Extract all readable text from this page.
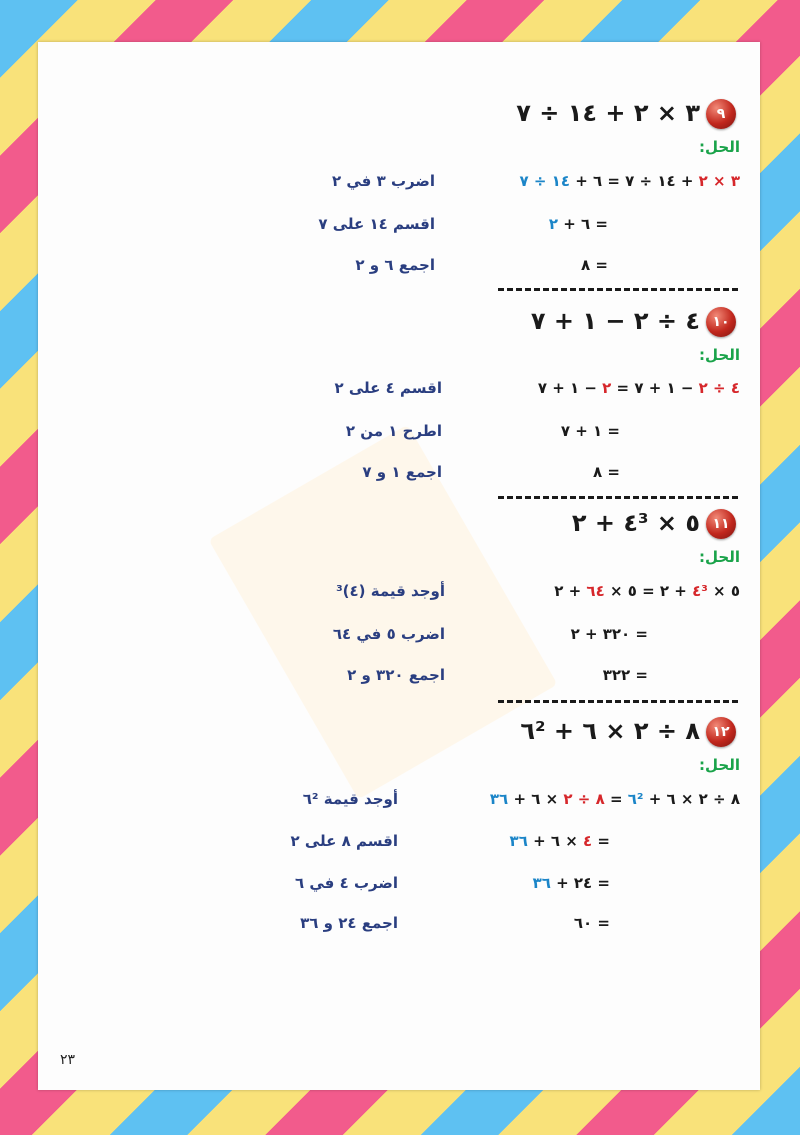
٩
٣ × ٢ + ١٤ ÷ ٧
الحل:
٣ × ٢ + ١٤ ÷ ٧ = ٦ + ١٤ ÷ ٧
اضرب ٣ في ٢
= ٦ + ٢
اقسم ١٤ على ٧
= ٨
اجمع ٦ و ٢
١٠
٤ ÷ ٢ − ١ + ٧
الحل:
٤ ÷ ٢ − ١ + ٧ = ٢ − ١ + ٧
اقسم ٤ على ٢
= ١ + ٧
اطرح ١ من ٢
= ٨
اجمع ١ و ٧
١١
٥ × ٤³ + ٢
الحل:
٥ × ٤³ + ٢ = ٥ × ٦٤ + ٢
أوجد قيمة (٤)³
= ٣٢٠ + ٢
اضرب ٥ في ٦٤
= ٣٢٢
اجمع ٣٢٠ و ٢
١٢
٨ ÷ ٢ × ٦ + ٦²
الحل:
٨ ÷ ٢ × ٦ + ٦² = ٨ ÷ ٢ × ٦ + ٣٦
أوجد قيمة ٦²
= ٤ × ٦ + ٣٦
اقسم ٨ على ٢
= ٢٤ + ٣٦
اضرب ٤ في ٦
= ٦٠
اجمع ٢٤ و ٣٦
٢٣
